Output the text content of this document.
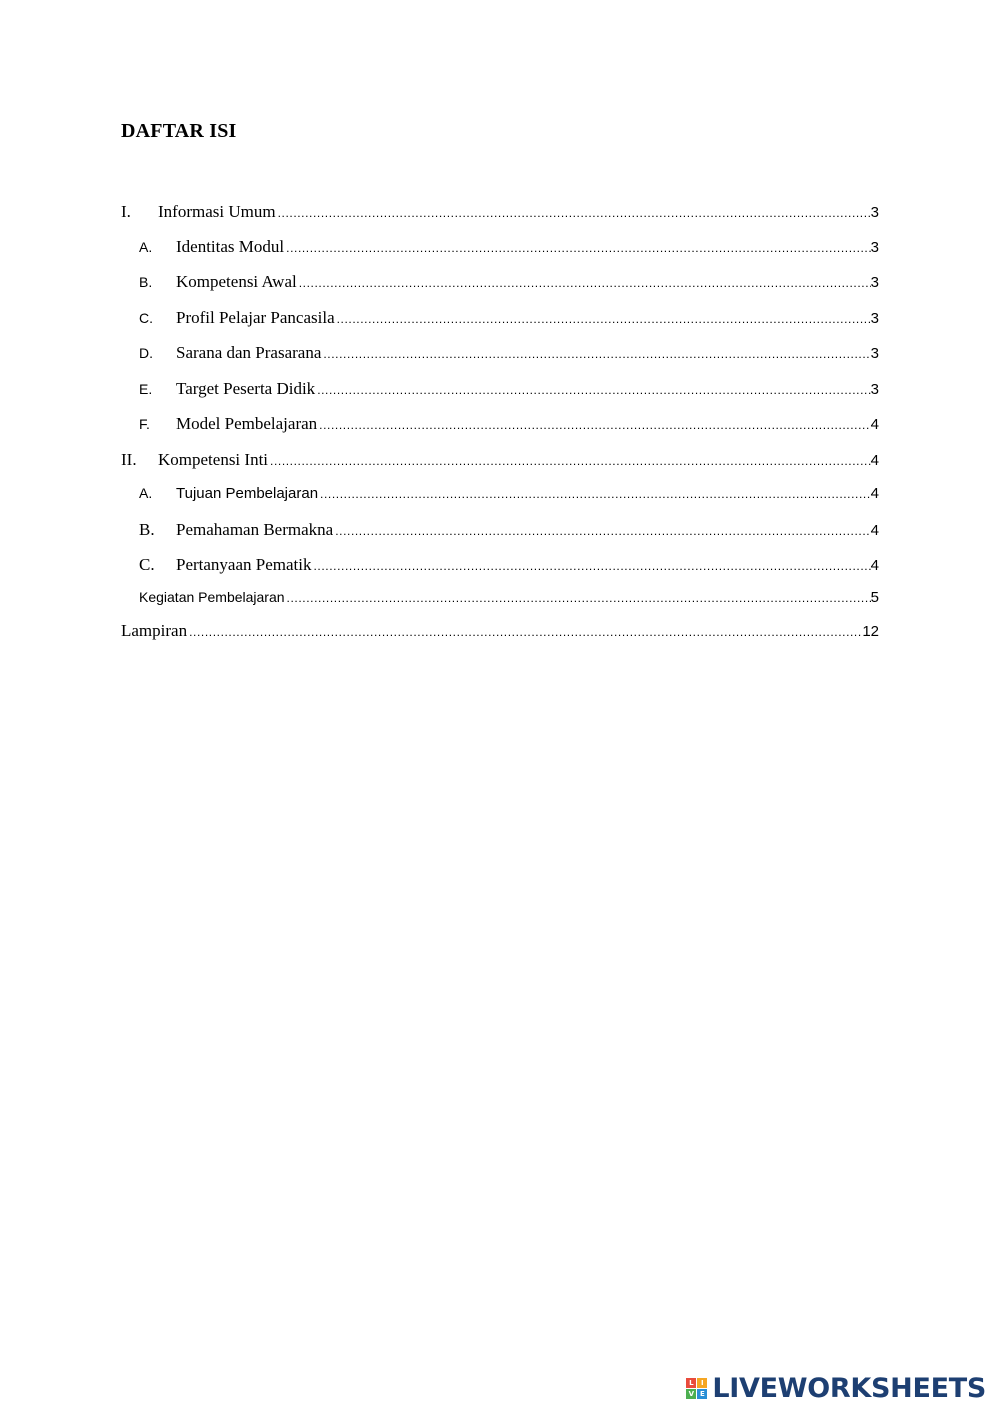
DAFTAR ISI
I.	Informasi Umum .....	3
A.	Identitas Modul .....	3
B.	Kompetensi Awal .....	3
C.	Profil Pelajar Pancasila .....	3
D.	Sarana dan Prasarana .....	3
E.	Target Peserta Didik .....	3
F.	Model Pembelajaran .....	4
II.	Kompetensi Inti .....	4
A.	Tujuan Pembelajaran .....	4
B.	Pemahaman Bermakna .....	4
C.	Pertanyaan Pematik .....	4
Kegiatan Pembelajaran .....	5
Lampiran .....	12
L	I
V E LIVEWORKSHEETS
